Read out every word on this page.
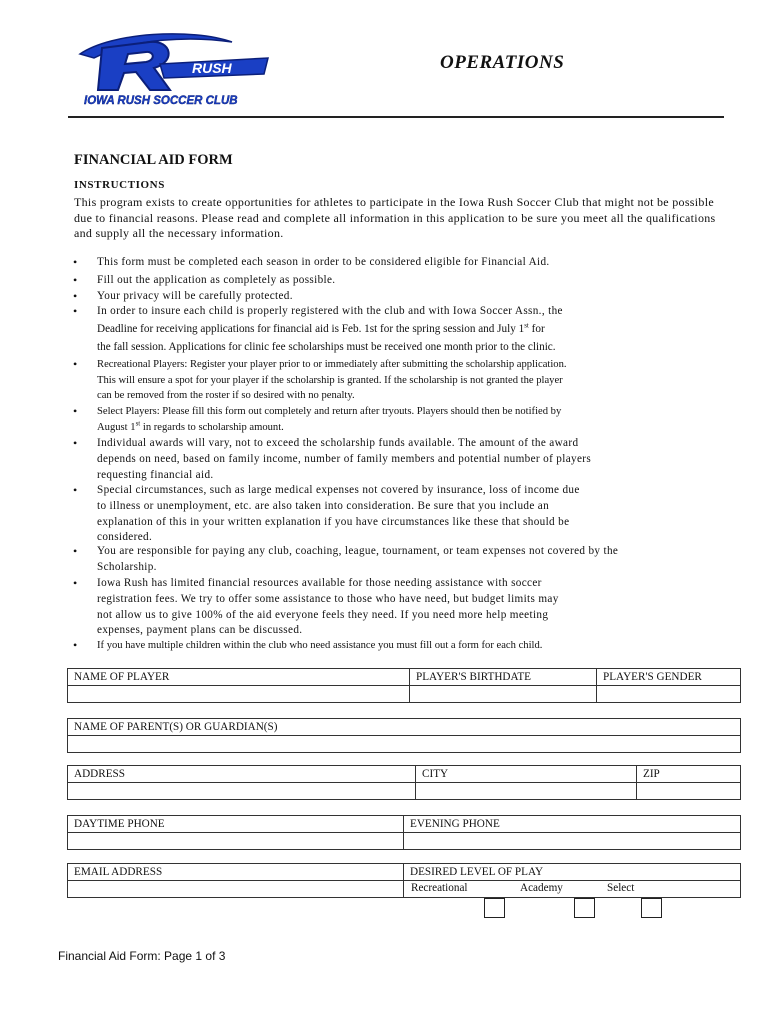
RUSH
IOWA RUSH SOCCER CLUB
OPERATIONS
FINANCIAL AID FORM
INSTRUCTIONS
This program exists to create opportunities for athletes to participate in the Iowa Rush Soccer Club that might not be possible due to financial reasons. Please read and complete all information in this application to be sure you meet all the qualifications and supply all the necessary information.
• This form must be completed each season in order to be considered eligible for Financial Aid.
• Fill out the application as completely as possible.
• Your privacy will be carefully protected.
• In order to insure each child is properly registered with the club and with Iowa Soccer Assn., the
Deadline for receiving applications for financial aid is Feb. 1st for the spring session and July 1st for
the fall session. Applications for clinic fee scholarships must be received one month prior to the clinic.
• Recreational Players: Register your player prior to or immediately after submitting the scholarship application.
This will ensure a spot for your player if the scholarship is granted. If the scholarship is not granted the player
can be removed from the roster if so desired with no penalty.
• Select Players: Please fill this form out completely and return after tryouts. Players should then be notified by
August 1st in regards to scholarship amount.
• Individual awards will vary, not to exceed the scholarship funds available. The amount of the award
depends on need, based on family income, number of family members and potential number of players
requesting financial aid.
• Special circumstances, such as large medical expenses not covered by insurance, loss of income due
to illness or unemployment, etc. are also taken into consideration. Be sure that you include an
explanation of this in your written explanation if you have circumstances like these that should be
considered.
• You are responsible for paying any club, coaching, league, tournament, or team expenses not covered by the
Scholarship.
• Iowa Rush has limited financial resources available for those needing assistance with soccer
registration fees. We try to offer some assistance to those who have need, but budget limits may
not allow us to give 100% of the aid everyone feels they need. If you need more help meeting
expenses, payment plans can be discussed.
• If you have multiple children within the club who need assistance you must fill out a form for each child.
NAME OF PLAYER	PLAYER'S BIRTHDATE	PLAYER'S GENDER
NAME OF PARENT(S) OR GUARDIAN(S)
ADDRESS	CITY	ZIP
DAYTIME PHONE	EVENING PHONE
EMAIL ADDRESS	DESIRED LEVEL OF PLAY
Recreational	Academy	Select
Financial Aid Form: Page 1 of 3
